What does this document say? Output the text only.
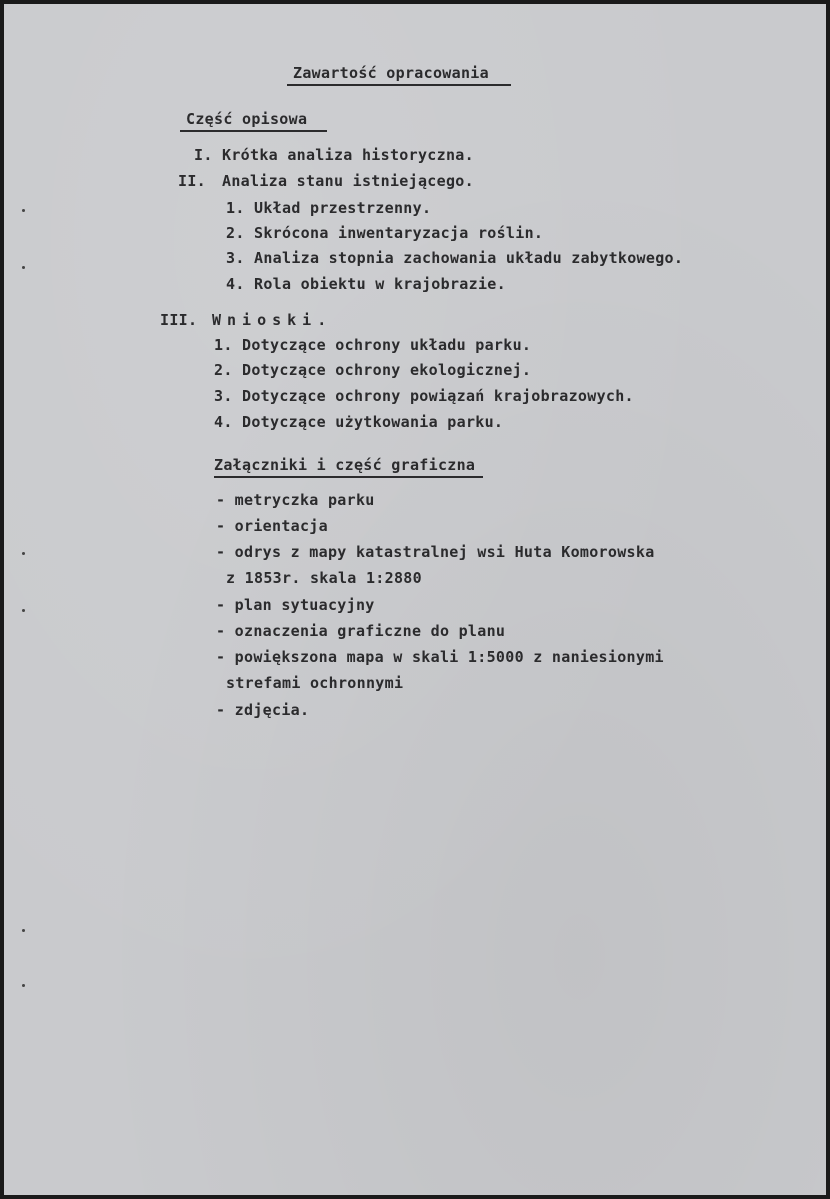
Zawartość opracowania
Część opisowa
I. Krótka analiza historyczna.
II. Analiza stanu istniejącego.
1. Układ przestrzenny.
2. Skrócona inwentaryzacja roślin.
3. Analiza stopnia zachowania układu zabytkowego.
4. Rola obiektu w krajobrazie.
III. Wnioski.
1. Dotyczące ochrony układu parku.
2. Dotyczące ochrony ekologicznej.
3. Dotyczące ochrony powiązań krajobrazowych.
4. Dotyczące użytkowania parku.
Załączniki i część graficzna
- metryczka parku
- orientacja
- odrys z mapy katastralnej wsi Huta Komorowska
z 1853r. skala 1:2880
- plan sytuacyjny
- oznaczenia graficzne do planu
- powiększona mapa w skali 1:5000 z naniesionymi
strefami ochronnymi
- zdjęcia.
